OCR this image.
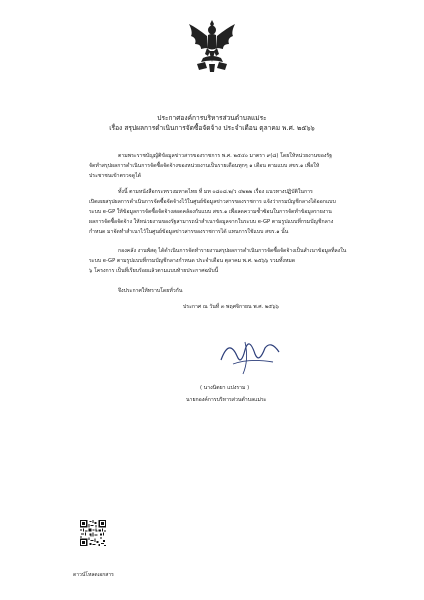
ประกาศองค์การบริหารส่วนตำบลแม่ระ
เรื่อง สรุปผลการดำเนินการจัดซื้อจัดจ้าง ประจำเดือน ตุลาคม พ.ศ. ๒๕๖๖
ตามพระราชบัญญัติข้อมูลข่าวสารของราชการ พ.ศ. ๒๕๔๐ มาตรา ๙(๘) โดยให้หน่วยงานของรัฐ
จัดทำสรุปผลการดำเนินการจัดซื้อจัดจ้างของหน่วยงานเป็นรายเดือนทุกๆ ๑ เดือน ตามแบบ สขร.๑ เพื่อให้
ประชาชนเข้าตรวจดูได้
ทั้งนี้ ตามหนังสือกระทรวงมหาดไทย ที่ มท ๐๘๐๘.๒/ว ๔๒๒๒ เรื่อง แนวทางปฏิบัติในการ
เปิดเผยสรุปผลการดำเนินการจัดซื้อจัดจ้างไว้ในศูนย์ข้อมูลข่าวสารของราชการ แจ้งว่ากรมบัญชีกลางได้ออกแบบ
ระบบ e-GP ให้ข้อมูลการจัดซื้อจัดจ้างสอดคล้องกับแบบ สขร.๑ เพื่อลดความซ้ำซ้อนในการจัดทำข้อมูลรายงาน
ผลการจัดซื้อจัดจ้าง ให้หน่วยงานของรัฐสามารถนำสำเนาข้อมูลจากในระบบ e-GP ตามรูปแบบที่กรมบัญชีกลาง
กำหนด มาจัดทำสำเนาไว้ในศูนย์ข้อมูลข่าวสารของราชการได้ แทนการใช้แบบ สขร.๑ นั้น
กองคลัง งานพัสดุ ได้ดำเนินการจัดทำรายงานสรุปผลการดำเนินการจัดซื้อจัดจ้างเป็นสำเนาข้อมูลที่ลงใน
ระบบ e-GP ตามรูปแบบที่กรมบัญชีกลางกำหนด ประจำเดือน ตุลาคม พ.ศ. ๒๕๖๖ รวมทั้งหมด
๖ โครงการ เป็นที่เรียบร้อยแล้วตามแบบท้ายประกาศฉบับนี้
จึงประกาศให้ทราบโดยทั่วกัน
ประกาศ ณ วันที่ ๓ พฤศจิกายน พ.ศ. ๒๕๖๖
( นางนิตยา แปงราม )
นายกองค์การบริหารส่วนตำบลแม่ระ
ดาวน์โหลดเอกสาร
